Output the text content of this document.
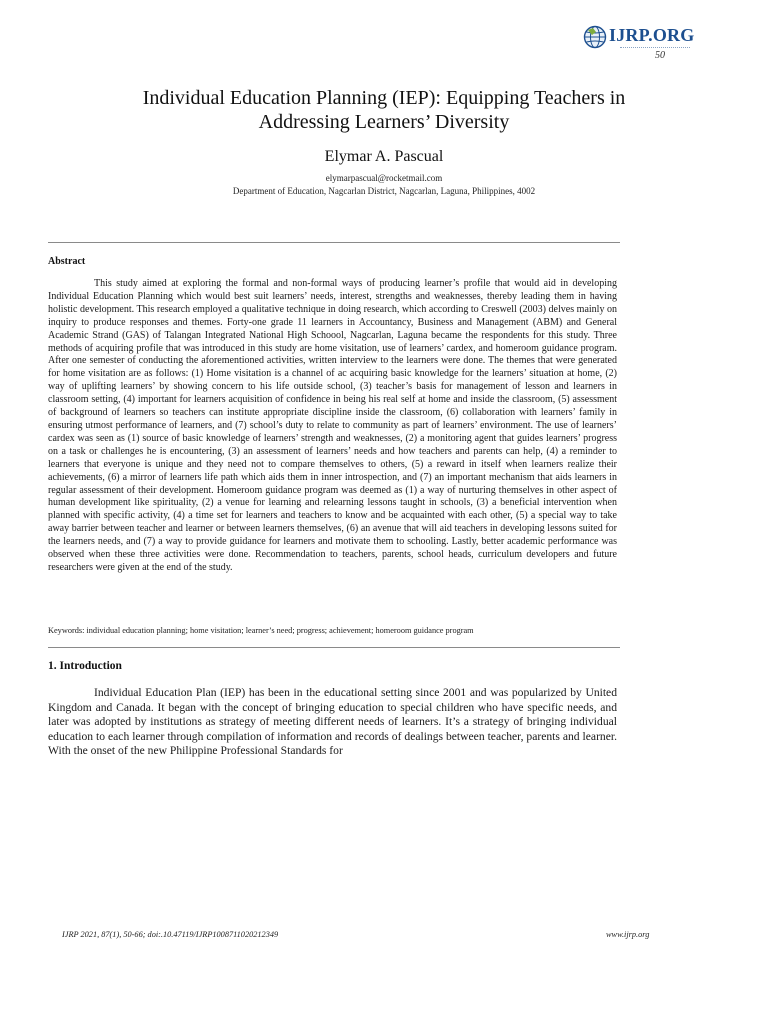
IJRP.ORG
50
Individual Education Planning (IEP): Equipping Teachers in
Addressing Learners’ Diversity
Elymar A. Pascual
elymarpascual@rocketmail.com
Department of Education, Nagcarlan District, Nagcarlan, Laguna, Philippines, 4002
Abstract

This study aimed at exploring the formal and non-formal ways of producing learner’s profile that would aid in developing Individual Education Planning which would best suit learners’ needs, interest, strengths and weaknesses, thereby leading them in having holistic development. This research employed a qualitative technique in doing research, which according to Creswell (2003) delves mainly on inquiry to produce responses and themes. Forty-one grade 11 learners in Accountancy, Business and Management (ABM) and General Academic Strand (GAS) of Talangan Integrated National High Schoool, Nagcarlan, Laguna became the respondents for this study. Three methods of acquiring profile that was introduced in this study are home visitation, use of learners’ cardex, and homeroom guidance program. After one semester of conducting the aforementioned activities, written interview to the learners were done. The themes that were generated for home visitation are as follows: (1) Home visitation is a channel of ac acquiring basic knowledge for the learners’ situation at home, (2) way of uplifting learners’ by showing concern to his life outside school, (3) teacher’s basis for management of lesson and learners in classroom setting, (4) important for learners acquisition of confidence in being his real self at home and inside the classroom, (5) assessment of background of learners so teachers can institute appropriate discipline inside the classroom, (6) collaboration with learners’ family in ensuring utmost performance of learners, and (7) school’s duty to relate to community as part of learners’ environment. The use of learners’ cardex was seen as (1) source of basic knowledge of learners’ strength and weaknesses, (2) a monitoring agent that guides learners’ progress on a task or challenges he is encountering, (3) an assessment of learners’ needs and how teachers and parents can help, (4) a reminder to learners that everyone is unique and they need not to compare themselves to others, (5) a reward in itself when learners realize their achievements, (6) a mirror of learners life path which aids them in inner introspection, and (7) an important mechanism that aids learners in regular assessment of their development. Homeroom guidance program was deemed as (1) a way of nurturing themselves in other aspect of human development like spirituality, (2) a venue for learning and relearning lessons taught in schools, (3) a beneficial intervention when planned with specific activity, (4) a time set for learners and teachers to know and be acquainted with each other, (5) a special way to take away barrier between teacher and learner or between learners themselves, (6) an avenue that will aid teachers in developing lessons suited for the learners needs, and (7) a way to provide guidance for learners and motivate them to schooling. Lastly, better academic performance was observed when these three activities were done. Recommendation to teachers, parents, school heads, curriculum developers and future researchers were given at the end of the study.

Keywords: individual education planning; home visitation; learner’s need; progress; achievement; homeroom guidance program
1. Introduction

Individual Education Plan (IEP) has been in the educational setting since 2001 and was popularized by United Kingdom and Canada. It began with the concept of bringing education to special children who have specific needs, and later was adopted by institutions as strategy of meeting different needs of learners. It’s a strategy of bringing individual education to each learner through compilation of information and records of dealings between teacher, parents and learner. With the onset of the new Philippine Professional Standards for

IJRP 2021, 87(1), 50-66; doi:.10.47119/IJRP1008711020212349	www.ijrp.org
